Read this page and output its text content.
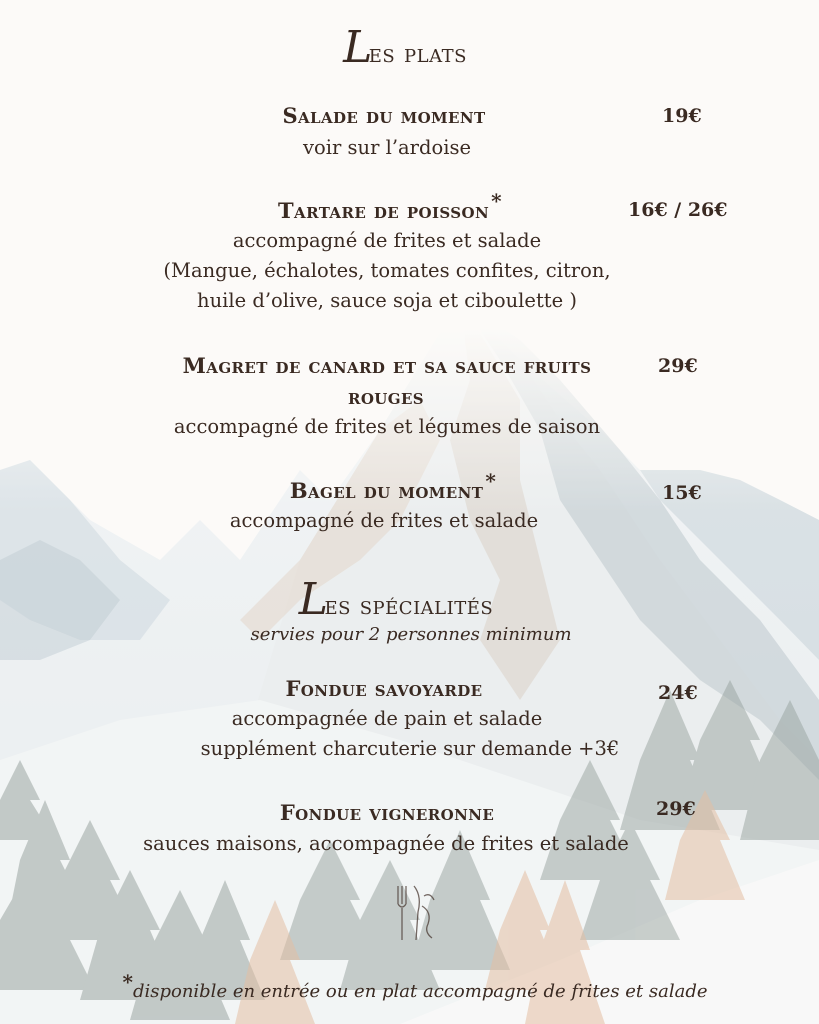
Les plats
Salade du moment	19€
voir sur l’ardoise
Tartare de poisson *	16€ / 26€
accompagné de frites et salade
(Mangue, échalotes, tomates confites, citron,
huile d’olive, sauce soja et ciboulette )
Magret de canard et sa sauce fruits	29€
rouges
accompagné de frites et légumes de saison
Bagel du moment *	15€
accompagné de frites et salade
Les spécialités
servies pour 2 personnes minimum
Fondue savoyarde	24€
accompagnée de pain et salade
supplément charcuterie sur demande +3€
Fondue vigneronne	29€
sauces maisons, accompagnée de frites et salade
*disponible en entrée ou en plat accompagné de frites et salade
